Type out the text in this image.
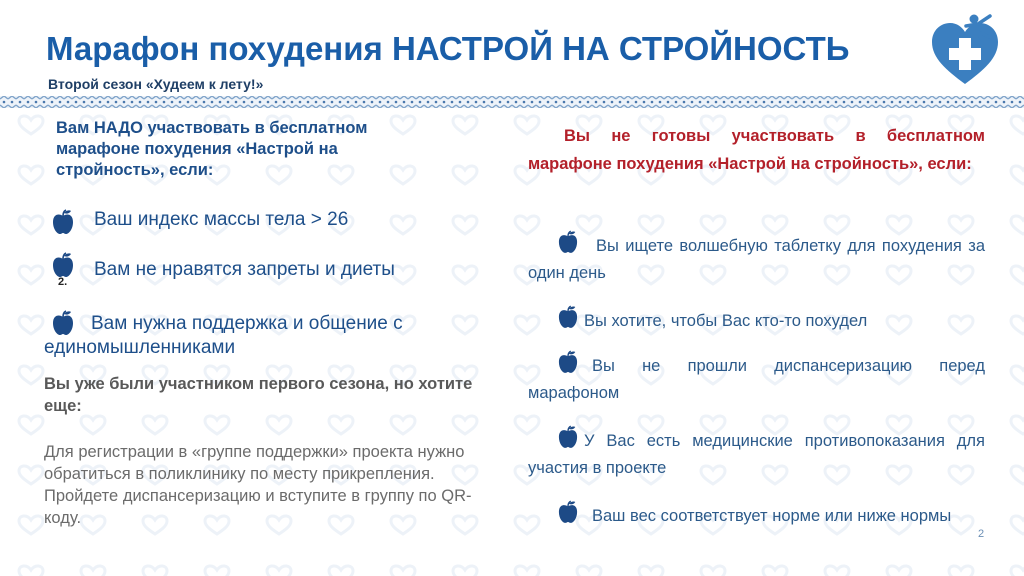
Марафон похудения НАСТРОЙ НА СТРОЙНОСТЬ
Второй сезон «Худеем к лету!»
Вам НАДО участвовать в бесплатном марафоне похудения «Настрой на стройность», если:
Ваш индекс массы тела > 26
Вам не нравятся запреты и диеты
2.
Вам нужна поддержка и общение с единомышленниками
Вы уже были участником первого сезона, но хотите еще:
Для регистрации в «группе поддержки» проекта нужно обратиться в поликлинику по месту прикрепления. Пройдете диспансеризацию и вступите в группу по QR-коду.
Вы не готовы участвовать в бесплатном марафоне похудения «Настрой на стройность», если:
Вы ищете волшебную таблетку для похудения за один день
Вы хотите, чтобы Вас кто-то похудел
Вы не прошли диспансеризацию перед марафоном
У Вас есть медицинские противопоказания для участия в проекте
Ваш вес соответствует норме или ниже нормы
2
